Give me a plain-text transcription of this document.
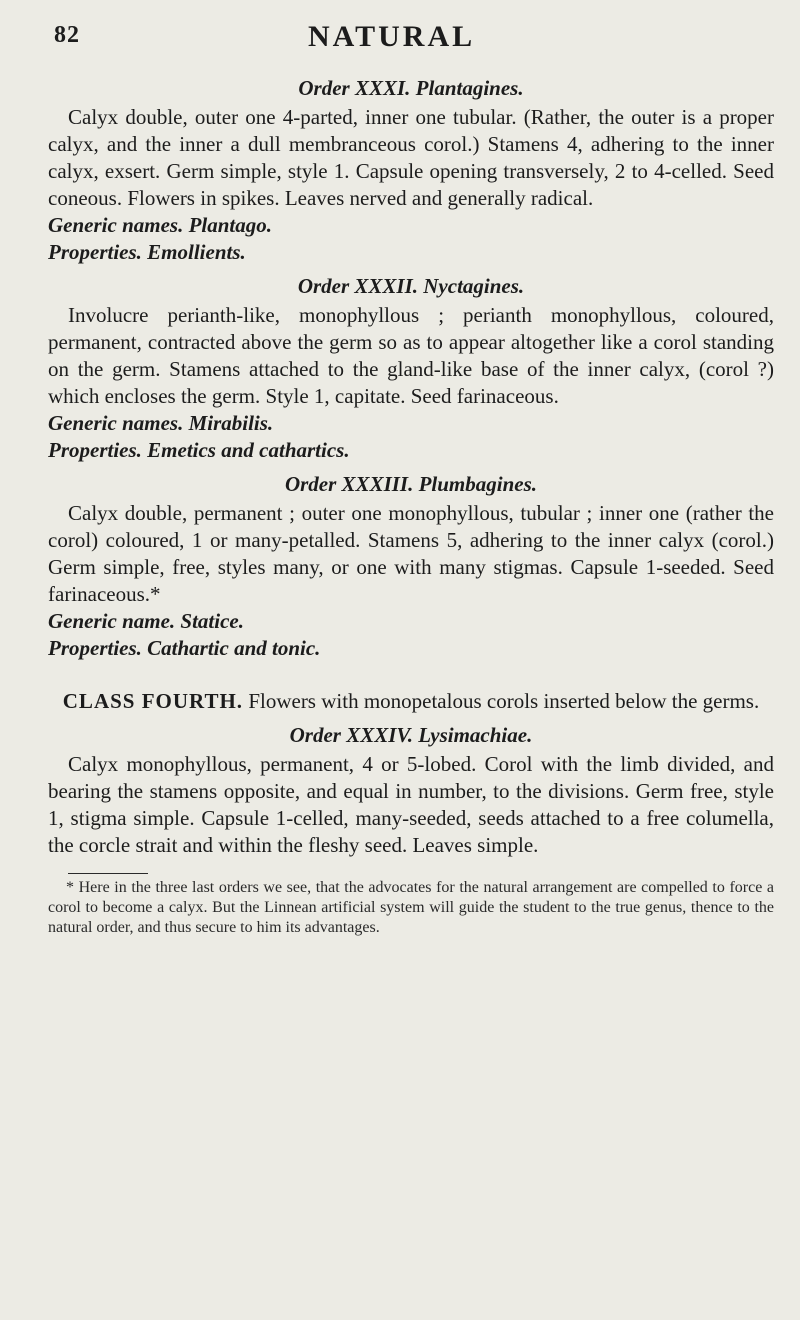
82	NATURAL
Order XXXI. Plantagines.

Calyx double, outer one 4-parted, inner one tubular. (Rather, the outer is a proper calyx, and the inner a dull membranceous corol.) Stamens 4, adhering to the inner calyx, exsert. Germ simple, style 1. Capsule opening transversely, 2 to 4-celled. Seed coneous. Flowers in spikes. Leaves nerved and generally radical.

Generic names. Plantago.

Properties. Emollients.

Order XXXII. Nyctagines.

Involucre perianth-like, monophyllous ; perianth monophyllous, coloured, permanent, contracted above the germ so as to appear altogether like a corol standing on the germ. Stamens attached to the gland-like base of the inner calyx, (corol ?) which encloses the germ. Style 1, capitate. Seed farinaceous.

Generic names. Mirabilis.

Properties. Emetics and cathartics.

Order XXXIII. Plumbagines.

Calyx double, permanent ; outer one monophyllous, tubular ; inner one (rather the corol) coloured, 1 or many-petalled. Stamens 5, adhering to the inner calyx (corol.) Germ simple, free, styles many, or one with many stigmas. Capsule 1-seeded. Seed farinaceous.*

Generic name. Statice.

Properties. Cathartic and tonic.

CLASS FOURTH. Flowers with monopetalous corols inserted below the germs.
Order XXXIV. Lysimachiae.

Calyx monophyllous, permanent, 4 or 5-lobed. Corol with the limb divided, and bearing the stamens opposite, and equal in number, to the divisions. Germ free, style 1, stigma simple. Capsule 1-celled, many-seeded, seeds attached to a free columella, the corcle strait and within the fleshy seed. Leaves simple.

* Here in the three last orders we see, that the advocates for the natural arrangement are compelled to force a corol to become a calyx. But the Linnean artificial system will guide the student to the true genus, thence to the natural order, and thus secure to him its advantages.
